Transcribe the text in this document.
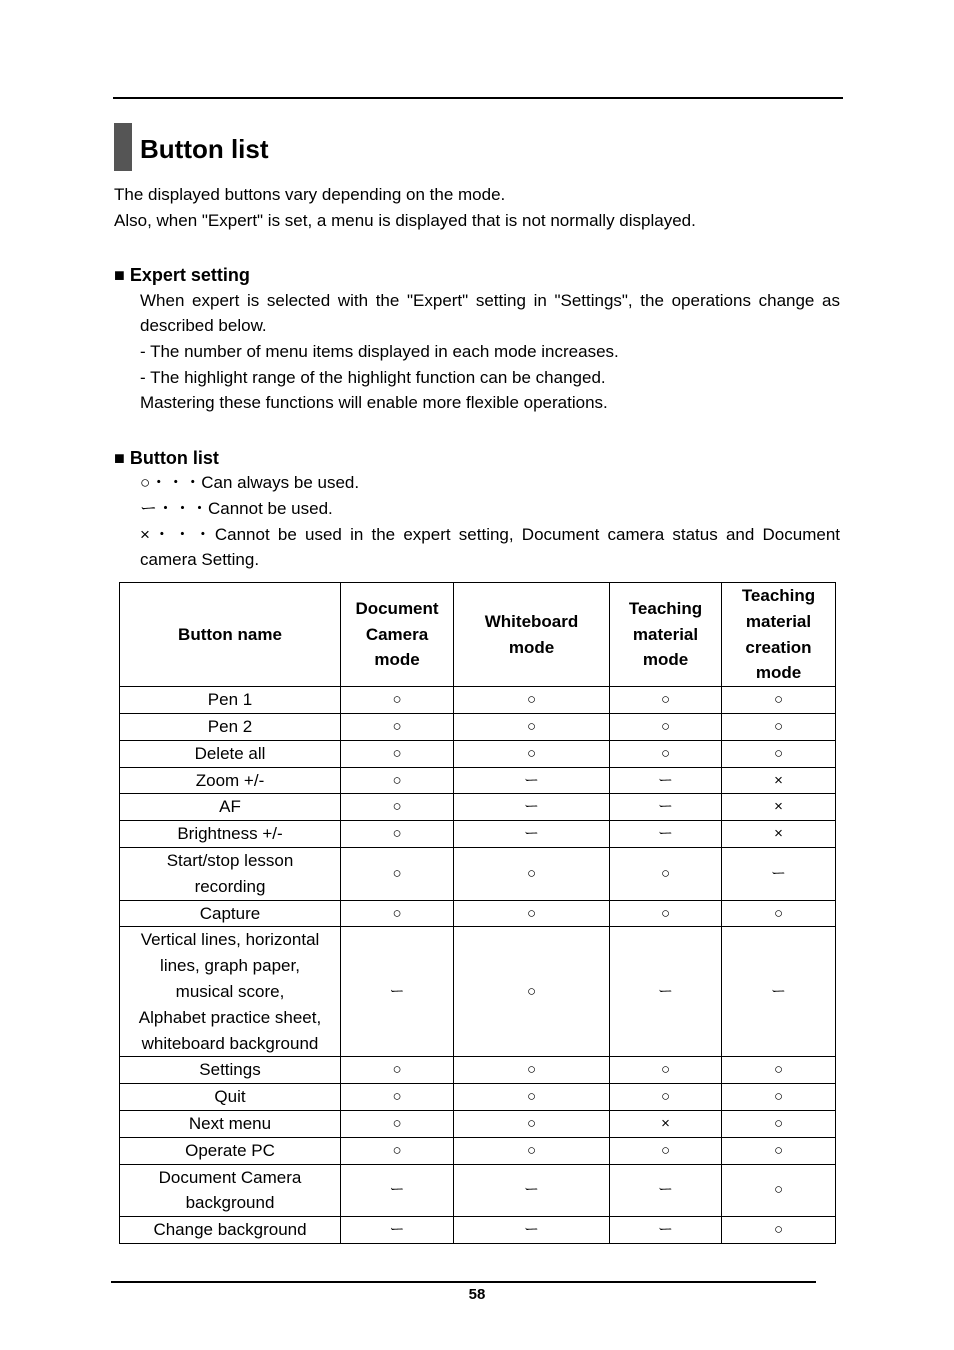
Button list
The displayed buttons vary depending on the mode.
Also, when "Expert" is set, a menu is displayed that is not normally displayed.
■ Expert setting
When expert is selected with the "Expert" setting in "Settings", the operations change as
described below.
- The number of menu items displayed in each mode increases.
- The highlight range of the highlight function can be changed.
Mastering these functions will enable more flexible operations.
■ Button list
○・・・Can always be used.
ー・・・Cannot be used.
×・・・Cannot be used in the expert setting, Document camera status and Document
camera Setting.
Button name	Document
Camera
mode	Whiteboard
mode	Teaching
material
mode	Teaching
material
creation
mode
Pen 1	○	○	○	○
Pen 2	○	○	○	○
Delete all	○	○	○	○
Zoom +/-	○	ー	ー	×
AF	○	ー	ー	×
Brightness +/-	○	ー	ー	×
Start/stop lesson
recording	○	○	○	ー
Capture	○	○	○	○
Vertical lines, horizontal
lines, graph paper,
musical score,
Alphabet practice sheet,
whiteboard background	ー	○	ー	ー
Settings	○	○	○	○
Quit	○	○	○	○
Next menu	○	○	×	○
Operate PC	○	○	○	○
Document Camera
background	ー	ー	ー	○
Change background	ー	ー	ー	○
58
